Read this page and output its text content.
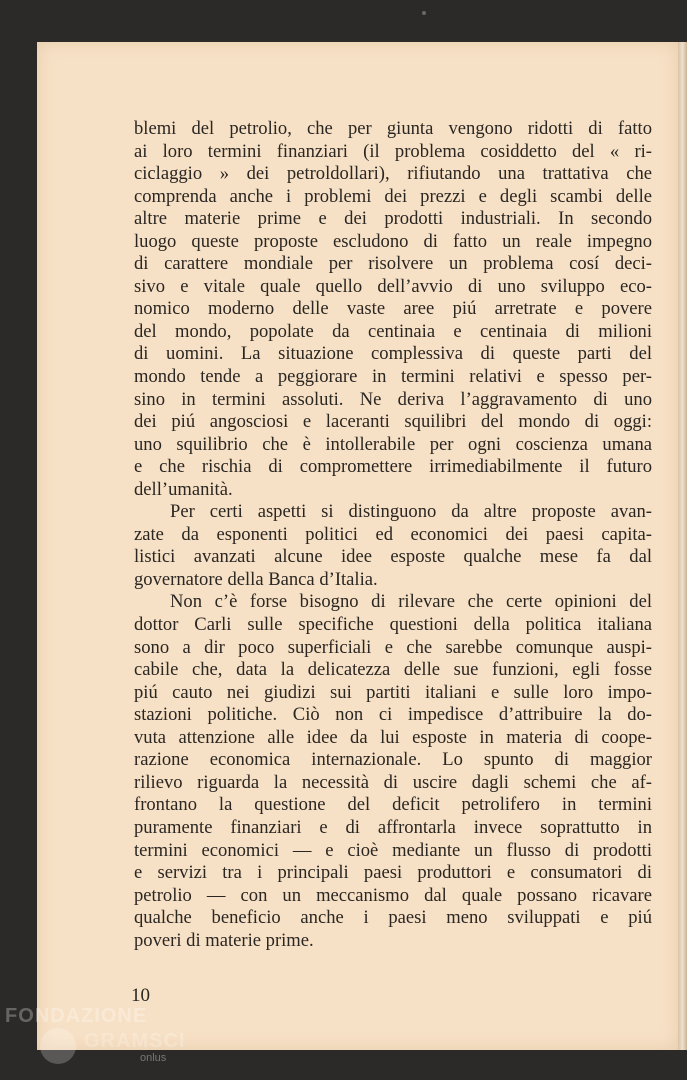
blemi del petrolio, che per giunta vengono ridotti di fatto
ai loro termini finanziari (il problema cosiddetto del « ri-
ciclaggio » dei petroldollari), rifiutando una trattativa che
comprenda anche i problemi dei prezzi e degli scambi delle
altre materie prime e dei prodotti industriali. In secondo
luogo queste proposte escludono di fatto un reale impegno
di carattere mondiale per risolvere un problema cosí deci-
sivo e vitale quale quello dell’avvio di uno sviluppo eco-
nomico moderno delle vaste aree piú arretrate e povere
del mondo, popolate da centinaia e centinaia di milioni
di uomini. La situazione complessiva di queste parti del
mondo tende a peggiorare in termini relativi e spesso per-
sino in termini assoluti. Ne deriva l’aggravamento di uno
dei piú angosciosi e laceranti squilibri del mondo di oggi:
uno squilibrio che è intollerabile per ogni coscienza umana
e che rischia di compromettere irrimediabilmente il futuro
dell’umanità.
Per certi aspetti si distinguono da altre proposte avan-
zate da esponenti politici ed economici dei paesi capita-
listici avanzati alcune idee esposte qualche mese fa dal
governatore della Banca d’Italia.
Non c’è forse bisogno di rilevare che certe opinioni del
dottor Carli sulle specifiche questioni della politica italiana
sono a dir poco superficiali e che sarebbe comunque auspi-
cabile che, data la delicatezza delle sue funzioni, egli fosse
piú cauto nei giudizi sui partiti italiani e sulle loro impo-
stazioni politiche. Ciò non ci impedisce d’attribuire la do-
vuta attenzione alle idee da lui esposte in materia di coope-
razione economica internazionale. Lo spunto di maggior
rilievo riguarda la necessità di uscire dagli schemi che af-
frontano la questione del deficit petrolifero in termini
puramente finanziari e di affrontarla invece soprattutto in
termini economici — e cioè mediante un flusso di prodotti
e servizi tra i principali paesi produttori e consumatori di
petrolio — con un meccanismo dal quale possano ricavare
qualche beneficio anche i paesi meno sviluppati e piú
poveri di materie prime.
10
FONDAZIONE
GRAMSCI
onlus
